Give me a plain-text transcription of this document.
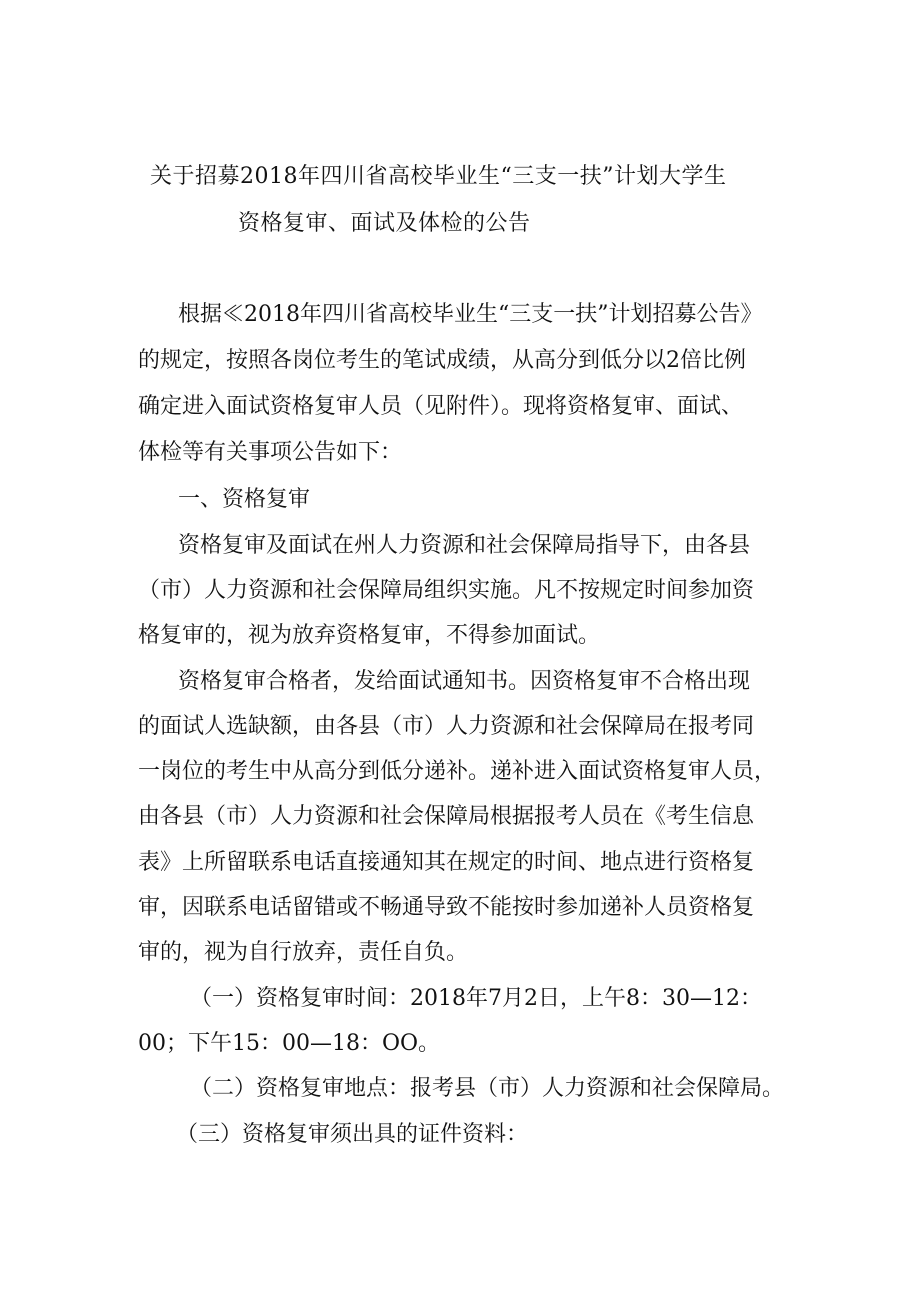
关于招募2018年四川省高校毕业生“三支一扶”计划大学生

资格复审、面试及体检的公告

根据≪2018年四川省高校毕业生“三支一扶”计划招募公告》

的规定，按照各岗位考生的笔试成绩，从高分到低分以2倍比例

确定进入面试资格复审人员（见附件）。现将资格复审、面试、

体检等有关事项公告如下：

一、资格复审

资格复审及面试在州人力资源和社会保障局指导下，由各县

（市）人力资源和社会保障局组织实施。凡不按规定时间参加资

格复审的，视为放弃资格复审，不得参加面试。

资格复审合格者，发给面试通知书。因资格复审不合格出现

的面试人选缺额，由各县（市）人力资源和社会保障局在报考同

一岗位的考生中从高分到低分递补。递补进入面试资格复审人员，

由各县（市）人力资源和社会保障局根据报考人员在《考生信息

表》上所留联系电话直接通知其在规定的时间、地点进行资格复

审，因联系电话留错或不畅通导致不能按时参加递补人员资格复

审的，视为自行放弃，责任自负。

（一）资格复审时间：2018年7月2日，上午8：30—12：

00；下午15：00—18：OO。

（二）资格复审地点：报考县（市）人力资源和社会保障局。

（三）资格复审须出具的证件资料：
